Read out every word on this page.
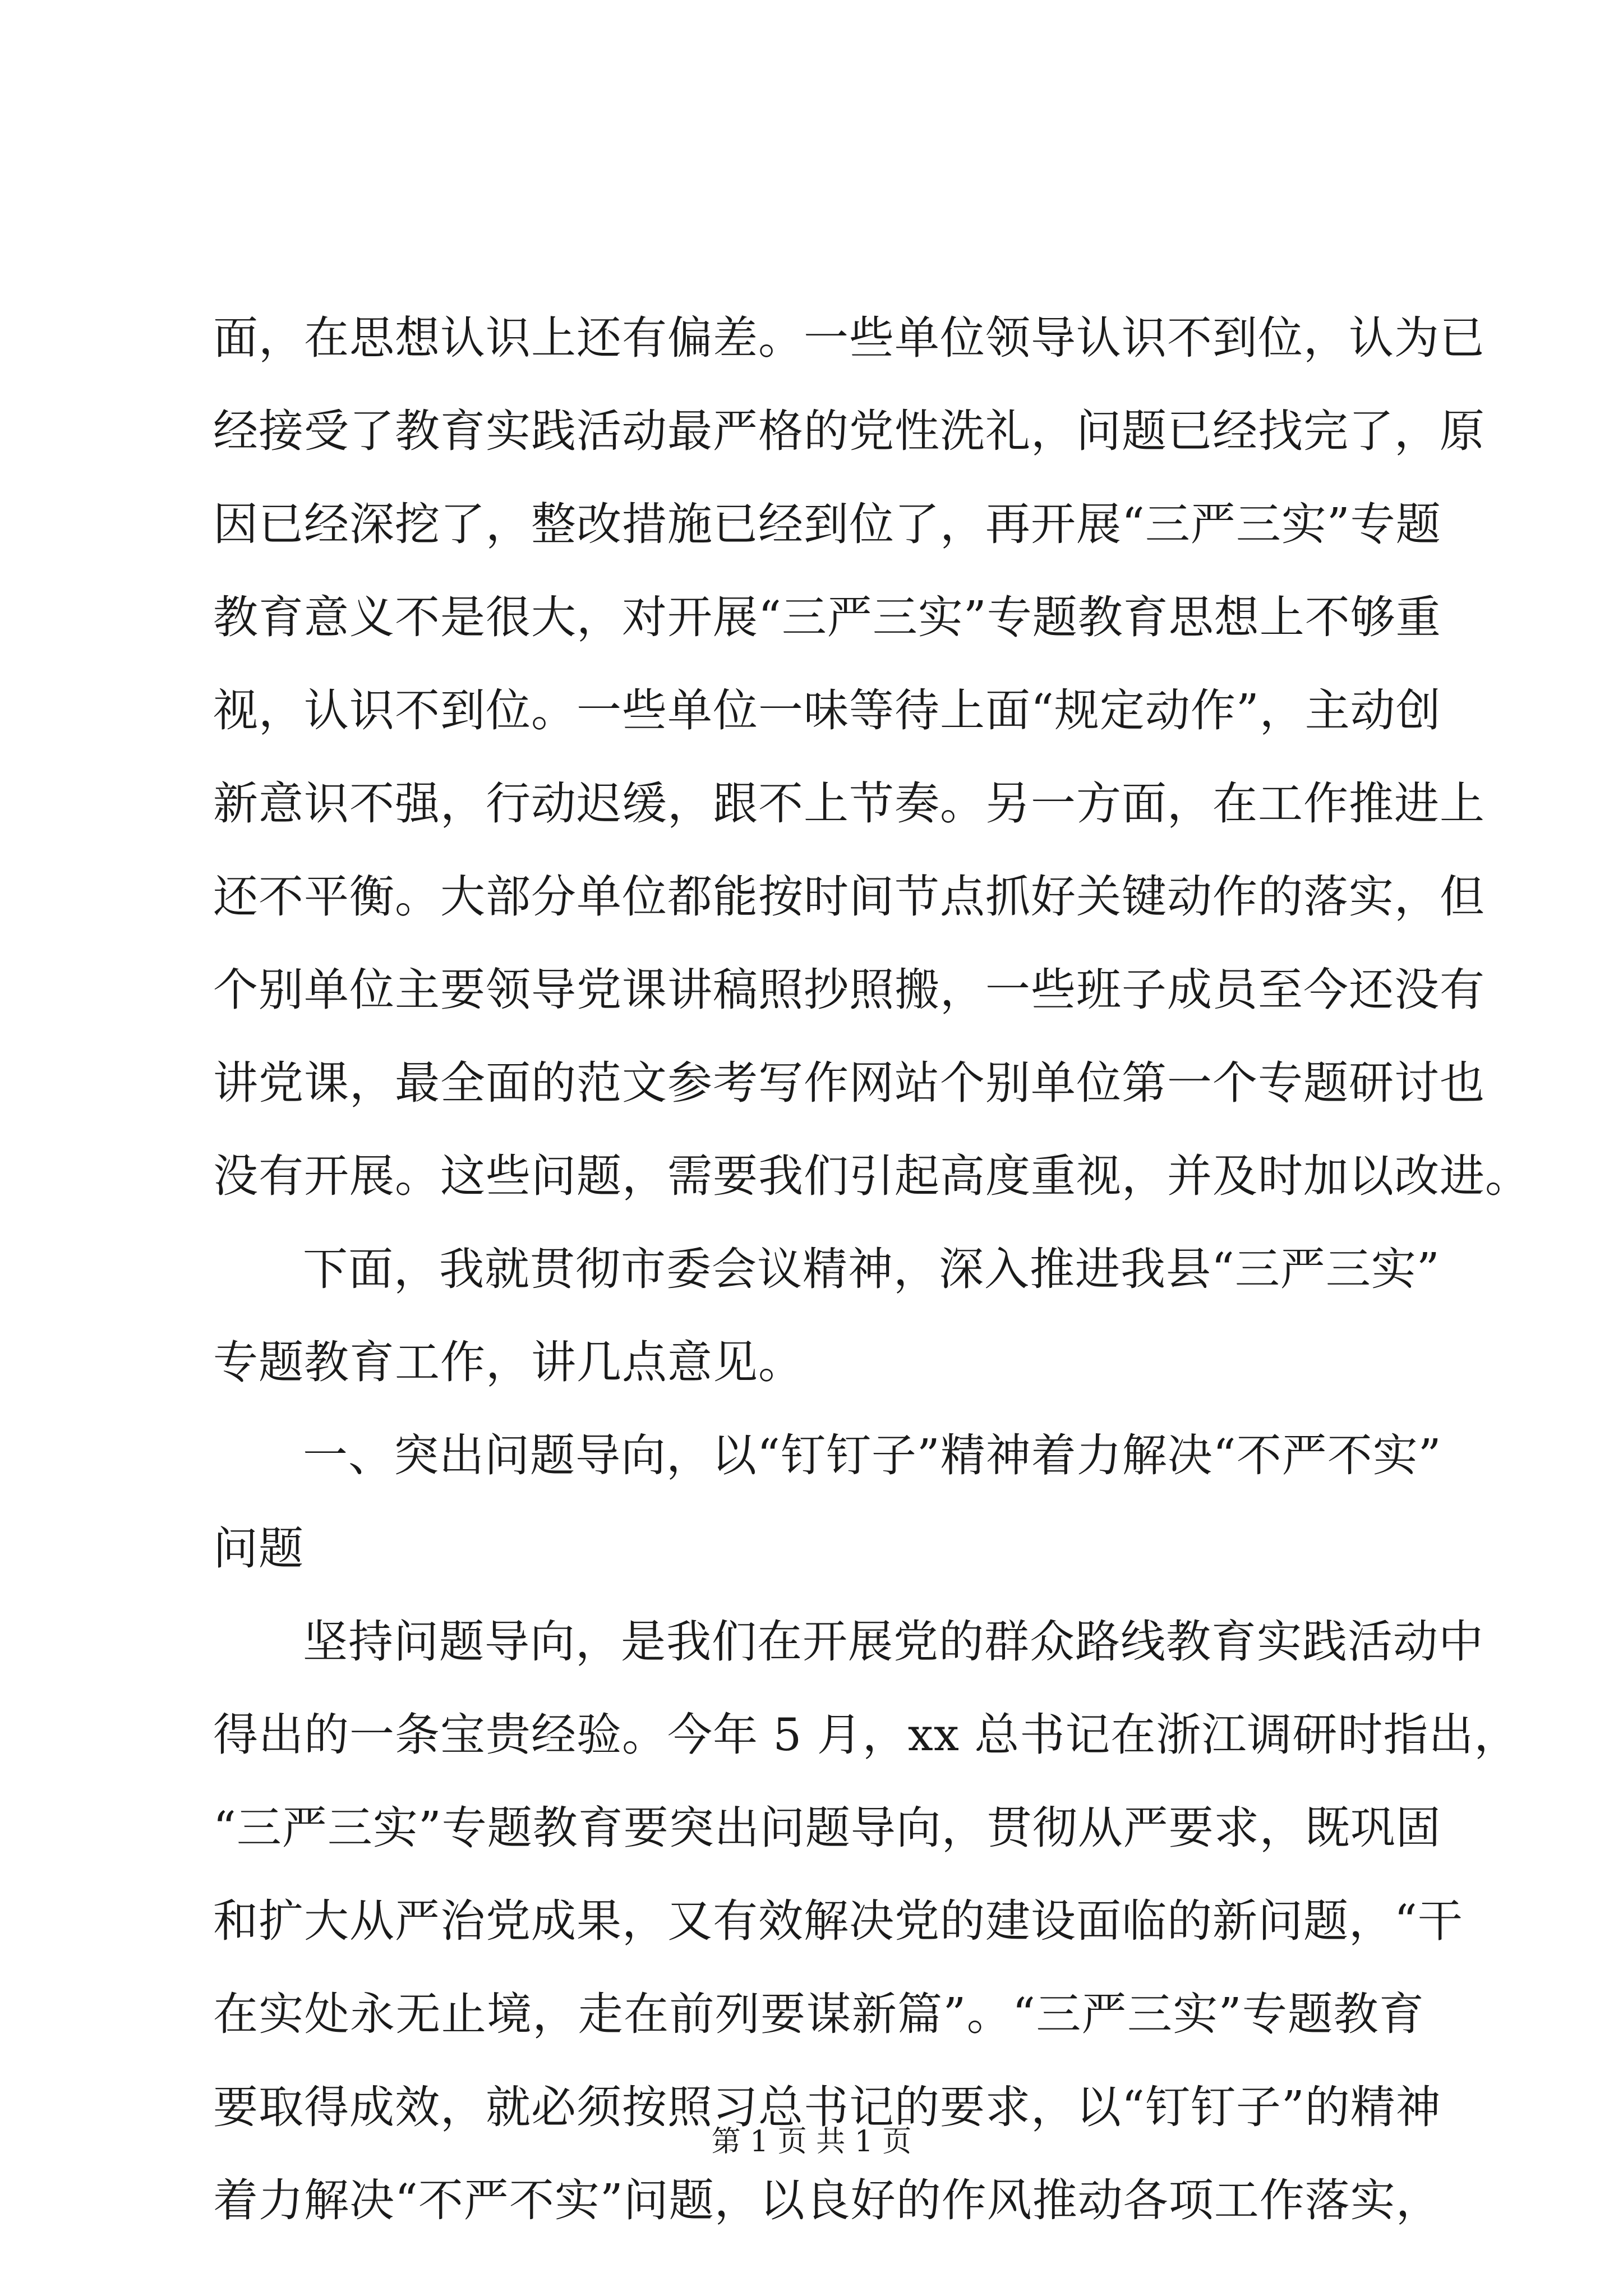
面，在思想认识上还有偏差。一些单位领导认识不到位，认为已
经接受了教育实践活动最严格的党性洗礼，问题已经找完了，原
因已经深挖了，整改措施已经到位了，再开展“三严三实”专题
教育意义不是很大，对开展“三严三实”专题教育思想上不够重
视，认识不到位。一些单位一味等待上面“规定动作”，主动创
新意识不强，行动迟缓，跟不上节奏。另一方面，在工作推进上
还不平衡。大部分单位都能按时间节点抓好关键动作的落实，但
个别单位主要领导党课讲稿照抄照搬，一些班子成员至今还没有
讲党课，最全面的范文参考写作网站个别单位第一个专题研讨也
没有开展。这些问题，需要我们引起高度重视，并及时加以改进。
下面，我就贯彻市委会议精神，深入推进我县“三严三实”
专题教育工作，讲几点意见。
一、突出问题导向，以“钉钉子”精神着力解决“不严不实”
问题
坚持问题导向，是我们在开展党的群众路线教育实践活动中
得出的一条宝贵经验。今年 5 月，xx 总书记在浙江调研时指出，
“三严三实”专题教育要突出问题导向，贯彻从严要求，既巩固
和扩大从严治党成果，又有效解决党的建设面临的新问题，“干
在实处永无止境，走在前列要谋新篇”。“三严三实”专题教育
要取得成效，就必须按照习总书记的要求，以“钉钉子”的精神
着力解决“不严不实”问题，以良好的作风推动各项工作落实，
第 1 页 共 1 页
